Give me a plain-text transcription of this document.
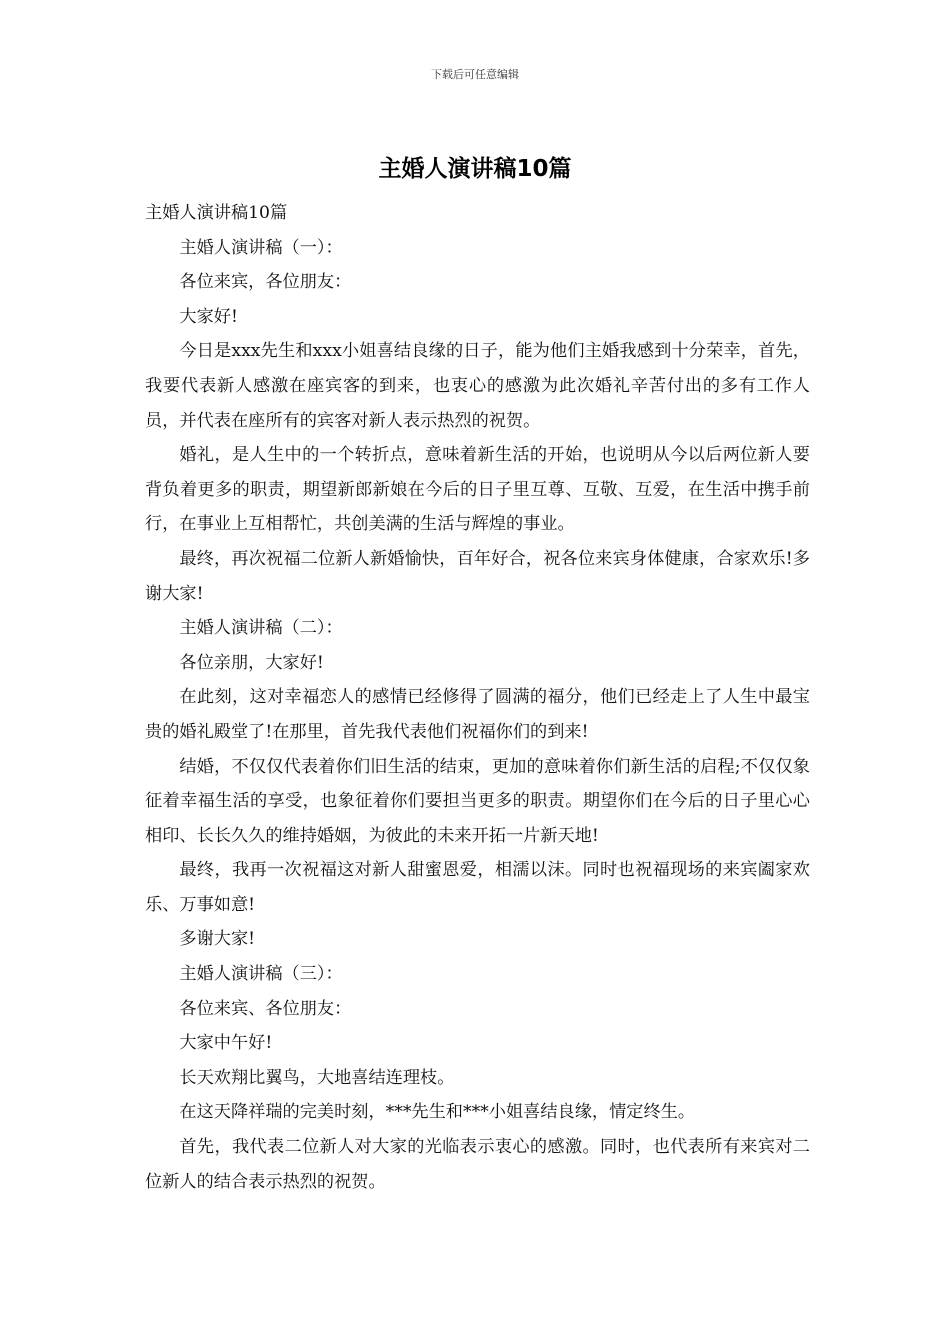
下载后可任意编辑
主婚人演讲稿10篇

主婚人演讲稿10篇

主婚人演讲稿（一）：

各位来宾，各位朋友：

大家好!

今日是xxx先生和xxx小姐喜结良缘的日子，能为他们主婚我感到十分荣幸，首先，我要代表新人感激在座宾客的到来，也衷心的感激为此次婚礼辛苦付出的多有工作人员，并代表在座所有的宾客对新人表示热烈的祝贺。

婚礼，是人生中的一个转折点，意味着新生活的开始，也说明从今以后两位新人要背负着更多的职责，期望新郎新娘在今后的日子里互尊、互敬、互爱，在生活中携手前行，在事业上互相帮忙，共创美满的生活与辉煌的事业。

最终，再次祝福二位新人新婚愉快，百年好合，祝各位来宾身体健康，合家欢乐!多谢大家!

主婚人演讲稿（二）：

各位亲朋，大家好!

在此刻，这对幸福恋人的感情已经修得了圆满的福分，他们已经走上了人生中最宝贵的婚礼殿堂了!在那里，首先我代表他们祝福你们的到来!

结婚，不仅仅代表着你们旧生活的结束，更加的意味着你们新生活的启程;不仅仅象征着幸福生活的享受，也象征着你们要担当更多的职责。期望你们在今后的日子里心心相印、长长久久的维持婚姻，为彼此的未来开拓一片新天地!

最终，我再一次祝福这对新人甜蜜恩爱，相濡以沫。同时也祝福现场的来宾阖家欢乐、万事如意!

多谢大家!

主婚人演讲稿（三）：

各位来宾、各位朋友：

大家中午好!

长天欢翔比翼鸟，大地喜结连理枝。

在这天降祥瑞的完美时刻，***先生和***小姐喜结良缘，情定终生。

首先，我代表二位新人对大家的光临表示衷心的感激。同时，也代表所有来宾对二位新人的结合表示热烈的祝贺。
